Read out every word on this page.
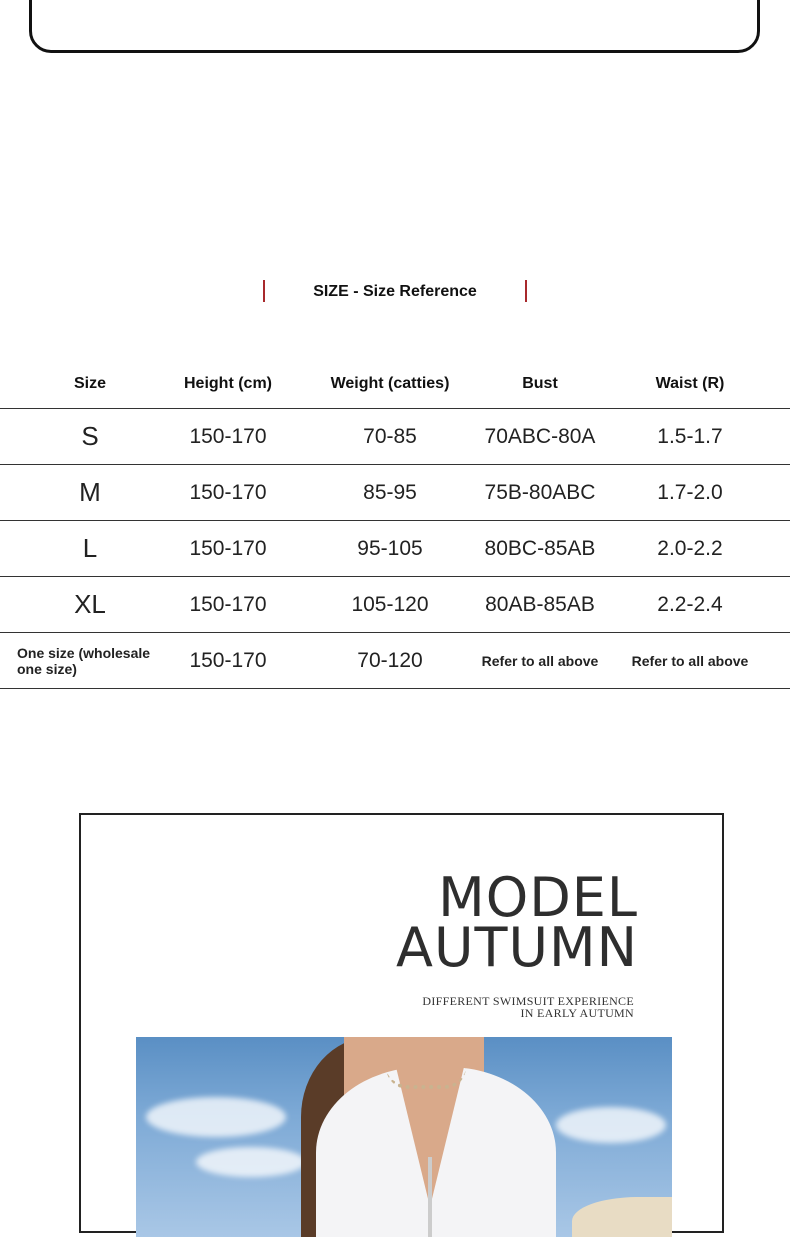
SIZE - Size Reference
Size	Height (cm)	Weight (catties)	Bust	Waist (R)
S	150-170	70-85	70ABC-80A	1.5-1.7
M	150-170	85-95	75B-80ABC	1.7-2.0
L	150-170	95-105	80BC-85AB	2.0-2.2
XL	150-170	105-120	80AB-85AB	2.2-2.4
One size (wholesale one size)	150-170	70-120	Refer to all above	Refer to all above
MODEL
AUTUMN
DIFFERENT SWIMSUIT EXPERIENCE
IN EARLY AUTUMN
